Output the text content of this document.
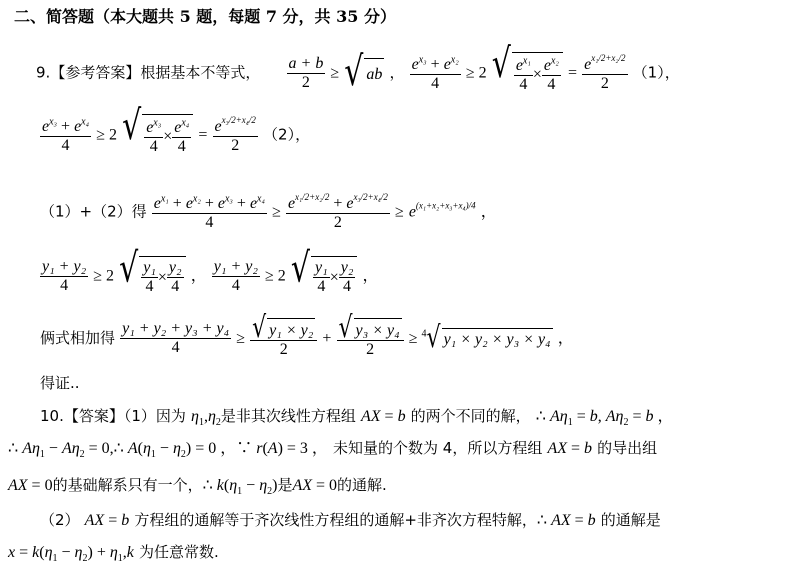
二、简答题（本大题共 5 题，每题 7 分，共 35 分）
9.【参考答案】根据基本不等式， $\frac{a + b}{2}$ ≥ √ ab ， $\frac{e^{x_3} + e^{x_2}}{4} \ge 2$ √ $\frac{e^{x_1}}{4} \times \frac{e^{x_2}}{4} = \frac{e^{x_1/2+x_2/2}}{2} (1)$，
$\frac{e^{x_3} + e^{x_4}}{4} \ge 2$ √ $\frac{e^{x_3}}{4} \times \frac{e^{x_4}}{4} = \frac{e^{x_3/2+x_4/2}}{2} (2)$，
（1）+（2）得 $\frac{e^{x_1} + e^{x_2} + e^{x_3} + e^{x_4}}{4} \ge \frac{e^{x_1/2+x_2/2} + e^{x_3/2+x_4/2}}{2} \ge e^{(x_1+x_2+x_3+x_4)/4}$ ，
$\frac{\text{y₁ + y₂}}{4} \ge 2$ √ $\frac{\text{y₁}}{4} \times \frac{\text{y₂}}{4}$ ， $\frac{\text{y₁ + y₂}}{4} \ge 2$ √ $\frac{\text{y₁}}{4} \times \frac{\text{y₂}}{4}$ ，
俩式相加得 $\frac{\text{y₁ + y₂ + y₃ + y₄}}{4} \ge \frac{\text{√ y₁ × y₂}}{2} + \frac{\text{√ y₃ × y₄}}{2} \ge ^4$ √ y₁ × y₂ × y₃ × y₄ ，
得证..
10.【答案】（1）因为 $\eta_1,\eta_2$是非其次线性方程组 AX = b 的两个不同的解， ∴ $A\eta_1 = b$, $A\eta_2 = b$ ，
∴ $A\eta_1 - A\eta_2$ = 0,∴ $A(\eta_1 - \eta_2) = 0$ ，∵ r(A) = 3 ， 未知量的个数为 4，所以方程组 AX = b 的导出组
AX = 0的基础解系只有一个，∴ $k(\eta_1 - \eta_2)$是AX = 0的通解.
（2） AX = b 方程组的通解等于齐次线性方程组的通解+非齐次方程特解，∴ AX = b 的通解是
$x = k(\eta_1 - \eta_2) + \eta_1,k$ 为任意常数.
